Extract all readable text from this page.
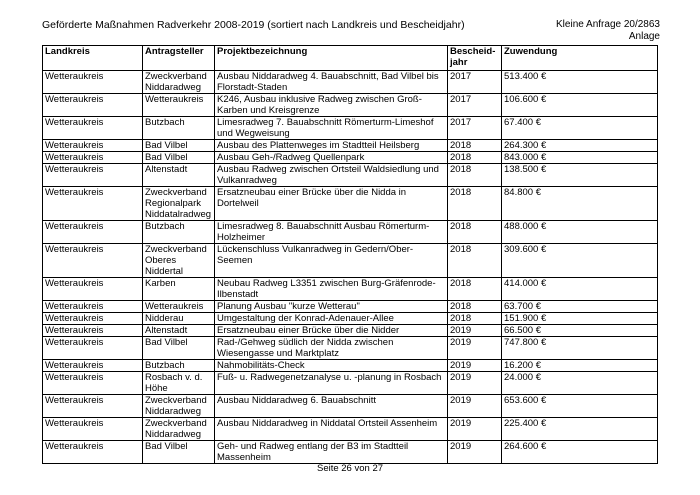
Geförderte Maßnahmen Radverkehr 2008-2019 (sortiert nach Landkreis und Bescheidjahr)	Kleine Anfrage 20/2863
Anlage
Landkreis	Antragsteller	Projektbezeichnung	Bescheid-jahr	Zuwendung
Wetteraukreis	Zweckverband Niddaradweg	Ausbau Niddaradweg 4. Bauabschnitt, Bad Vilbel bis Florstadt-Staden	2017	513.400 €
Wetteraukreis	Wetteraukreis	K246, Ausbau inklusive Radweg zwischen Groß-Karben und Kreisgrenze	2017	106.600 €
Wetteraukreis	Butzbach	Limesradweg 7. Bauabschnitt Römerturm-Limeshof und Wegweisung	2017	67.400 €
Wetteraukreis	Bad Vilbel	Ausbau des Plattenweges im Stadtteil Heilsberg	2018	264.300 €
Wetteraukreis	Bad Vilbel	Ausbau Geh-/Radweg Quellenpark	2018	843.000 €
Wetteraukreis	Altenstadt	Ausbau Radweg zwischen Ortsteil Waldsiedlung und Vulkanradweg	2018	138.500 €
Wetteraukreis	Zweckverband Regionalpark Niddatalradweg	Ersatzneubau einer Brücke über die Nidda in Dortelweil	2018	84.800 €
Wetteraukreis	Butzbach	Limesradweg 8. Bauabschnitt Ausbau Römerturm-Holzheimer	2018	488.000 €
Wetteraukreis	Zweckverband Oberes Niddertal	Lückenschluss Vulkanradweg in Gedern/Ober-Seemen	2018	309.600 €
Wetteraukreis	Karben	Neubau Radweg L3351 zwischen Burg-Gräfenrode-Ilbenstadt	2018	414.000 €
Wetteraukreis	Wetteraukreis	Planung Ausbau "kurze Wetterau"	2018	63.700 €
Wetteraukreis	Nidderau	Umgestaltung der Konrad-Adenauer-Allee	2018	151.900 €
Wetteraukreis	Altenstadt	Ersatzneubau einer Brücke über die Nidder	2019	66.500 €
Wetteraukreis	Bad Vilbel	Rad-/Gehweg südlich der Nidda zwischen Wiesengasse und Marktplatz	2019	747.800 €
Wetteraukreis	Butzbach	Nahmobilitäts-Check	2019	16.200 €
Wetteraukreis	Rosbach v. d. Höhe	Fuß- u. Radwegenetzanalyse u. -planung in Rosbach	2019	24.000 €
Wetteraukreis	Zweckverband Niddaradweg	Ausbau Niddaradweg 6. Bauabschnitt	2019	653.600 €
Wetteraukreis	Zweckverband Niddaradweg	Ausbau Niddaradweg in Niddatal Ortsteil Assenheim	2019	225.400 €
Wetteraukreis	Bad Vilbel	Geh- und Radweg entlang der B3 im Stadtteil Massenheim	2019	264.600 €
Seite 26 von 27
